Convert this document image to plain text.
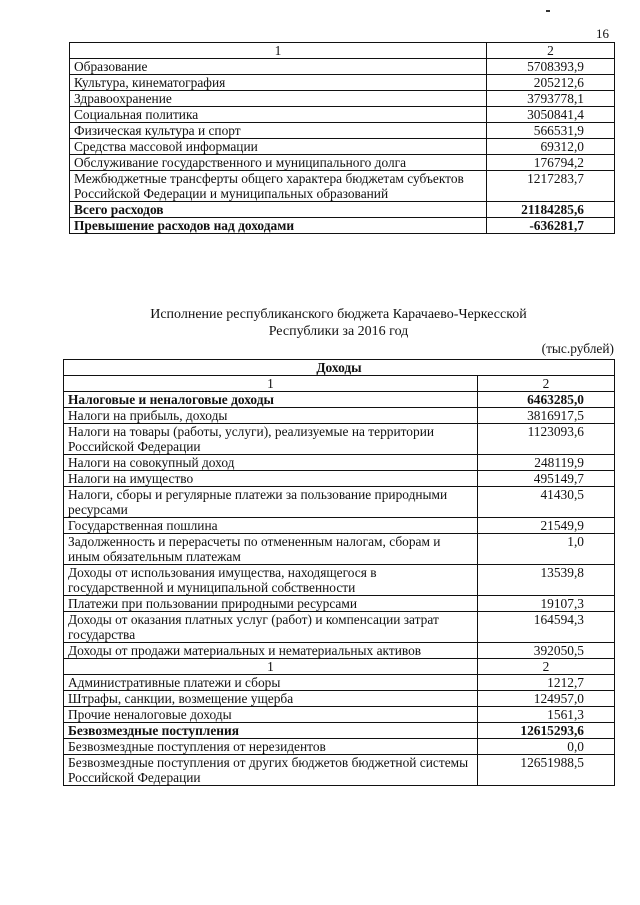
16
1	2
Образование	5708393,9
Культура, кинематография	205212,6
Здравоохранение	3793778,1
Социальная политика	3050841,4
Физическая культура и спорт	566531,9
Средства массовой информации	69312,0
Обслуживание государственного и муниципального долга	176794,2
Межбюджетные трансферты общего характера бюджетам субъектов Российской Федерации и муниципальных образований	1217283,7
Всего расходов	21184285,6
Превышение расходов над доходами	-636281,7
Исполнение республиканского бюджета Карачаево-Черкесской
Республики за 2016 год
(тыс.рублей)
Доходы	
1	2
Налоговые и неналоговые доходы	6463285,0
Налоги на прибыль, доходы	3816917,5
Налоги на товары (работы, услуги), реализуемые на территории Российской Федерации	1123093,6
Налоги на совокупный доход	248119,9
Налоги на имущество	495149,7
Налоги, сборы и регулярные платежи за пользование природными ресурсами	41430,5
Государственная пошлина	21549,9
Задолженность и перерасчеты по отмененным налогам, сборам и иным обязательным платежам	1,0
Доходы от использования имущества, находящегося в государственной и муниципальной собственности	13539,8
Платежи при пользовании природными ресурсами	19107,3
Доходы от оказания платных услуг (работ) и компенсации затрат государства	164594,3
Доходы от продажи материальных и нематериальных активов	392050,5
1	2
Административные платежи и сборы	1212,7
Штрафы, санкции, возмещение ущерба	124957,0
Прочие неналоговые доходы	1561,3
Безвозмездные поступления	12615293,6
Безвозмездные поступления от нерезидентов	0,0
Безвозмездные поступления от других бюджетов бюджетной системы Российской Федерации	12651988,5
